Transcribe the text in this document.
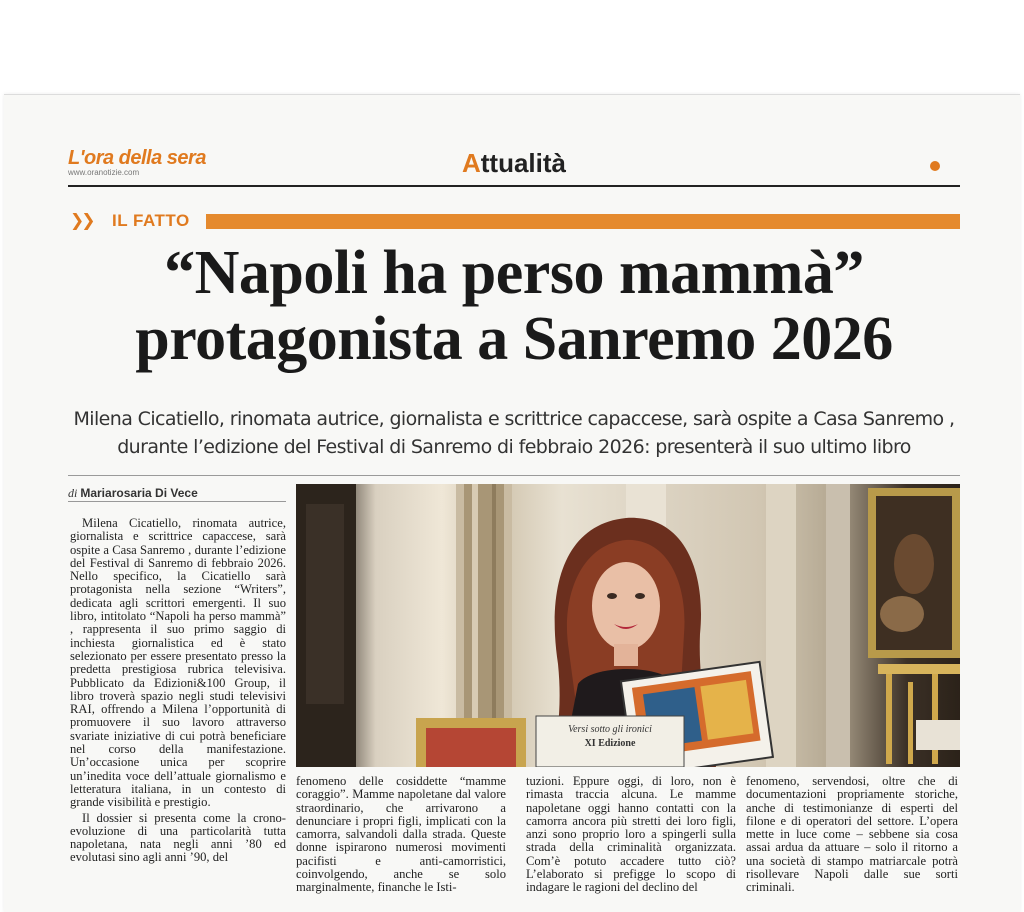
L'ora della sera
www.oranotizie.com	Attualità
❯❯ IL FATTO
“Napoli ha perso mammà”
protagonista a Sanremo 2026
Milena Cicatiello, rinomata autrice, giornalista e scrittrice capaccese, sarà ospite a Casa Sanremo ,
durante l’edizione del Festival di Sanremo di febbraio 2026: presenterà il suo ultimo libro
di Mariarosaria Di Vece

Milena Cicatiello, rinomata autrice, giornalista e scrittrice capaccese, sarà ospite a Casa Sanremo , durante l’edizione del Festival di Sanremo di febbraio 2026. Nello specifico, la Cicatiello sarà protagonista nella sezione “Writers”, dedicata agli scrittori emergenti. Il suo libro, intitolato “Napoli ha perso mammà” , rappresenta il suo primo saggio di inchiesta giornalistica ed è stato selezionato per essere presentato presso la predetta prestigiosa rubrica televisiva. Pubblicato da Edizioni&100 Group, il libro troverà spazio negli studi televisivi RAI, offrendo a Milena l’opportunità di promuovere il suo lavoro attraverso svariate iniziative di cui potrà beneficiare nel corso della manifestazione. Un’occasione unica per scoprire un’inedita voce dell’attuale giornalismo e letteratura italiana, in un contesto di grande visibilità e prestigio.

Il dossier si presenta come la crono-evoluzione di una particolarità tutta napoletana, nata negli anni ’80 ed evolutasi sino agli anni ’90, del

Versi sotto gli ironici
XI Edizione

fenomeno delle cosiddette “mamme coraggio”. Mamme napoletane dal valore straordinario, che arrivarono a denunciare i propri figli, implicati con la camorra, salvandoli dalla strada. Queste donne ispirarono numerosi movimenti pacifisti e anti-camorristici, coinvolgendo, anche se solo marginalmente, finanche le Isti-

tuzioni. Eppure oggi, di loro, non è rimasta traccia alcuna. Le mamme napoletane oggi hanno contatti con la camorra ancora più stretti dei loro figli, anzi sono proprio loro a spingerli sulla strada della criminalità organizzata. Com’è potuto accadere tutto ciò? L’elaborato si prefigge lo scopo di indagare le ragioni del declino del

fenomeno, servendosi, oltre che di documentazioni propriamente storiche, anche di testimonianze di esperti del filone e di operatori del settore. L’opera mette in luce come – sebbene sia cosa assai ardua da attuare – solo il ritorno a una società di stampo matriarcale potrà risollevare Napoli dalle sue sorti criminali.
